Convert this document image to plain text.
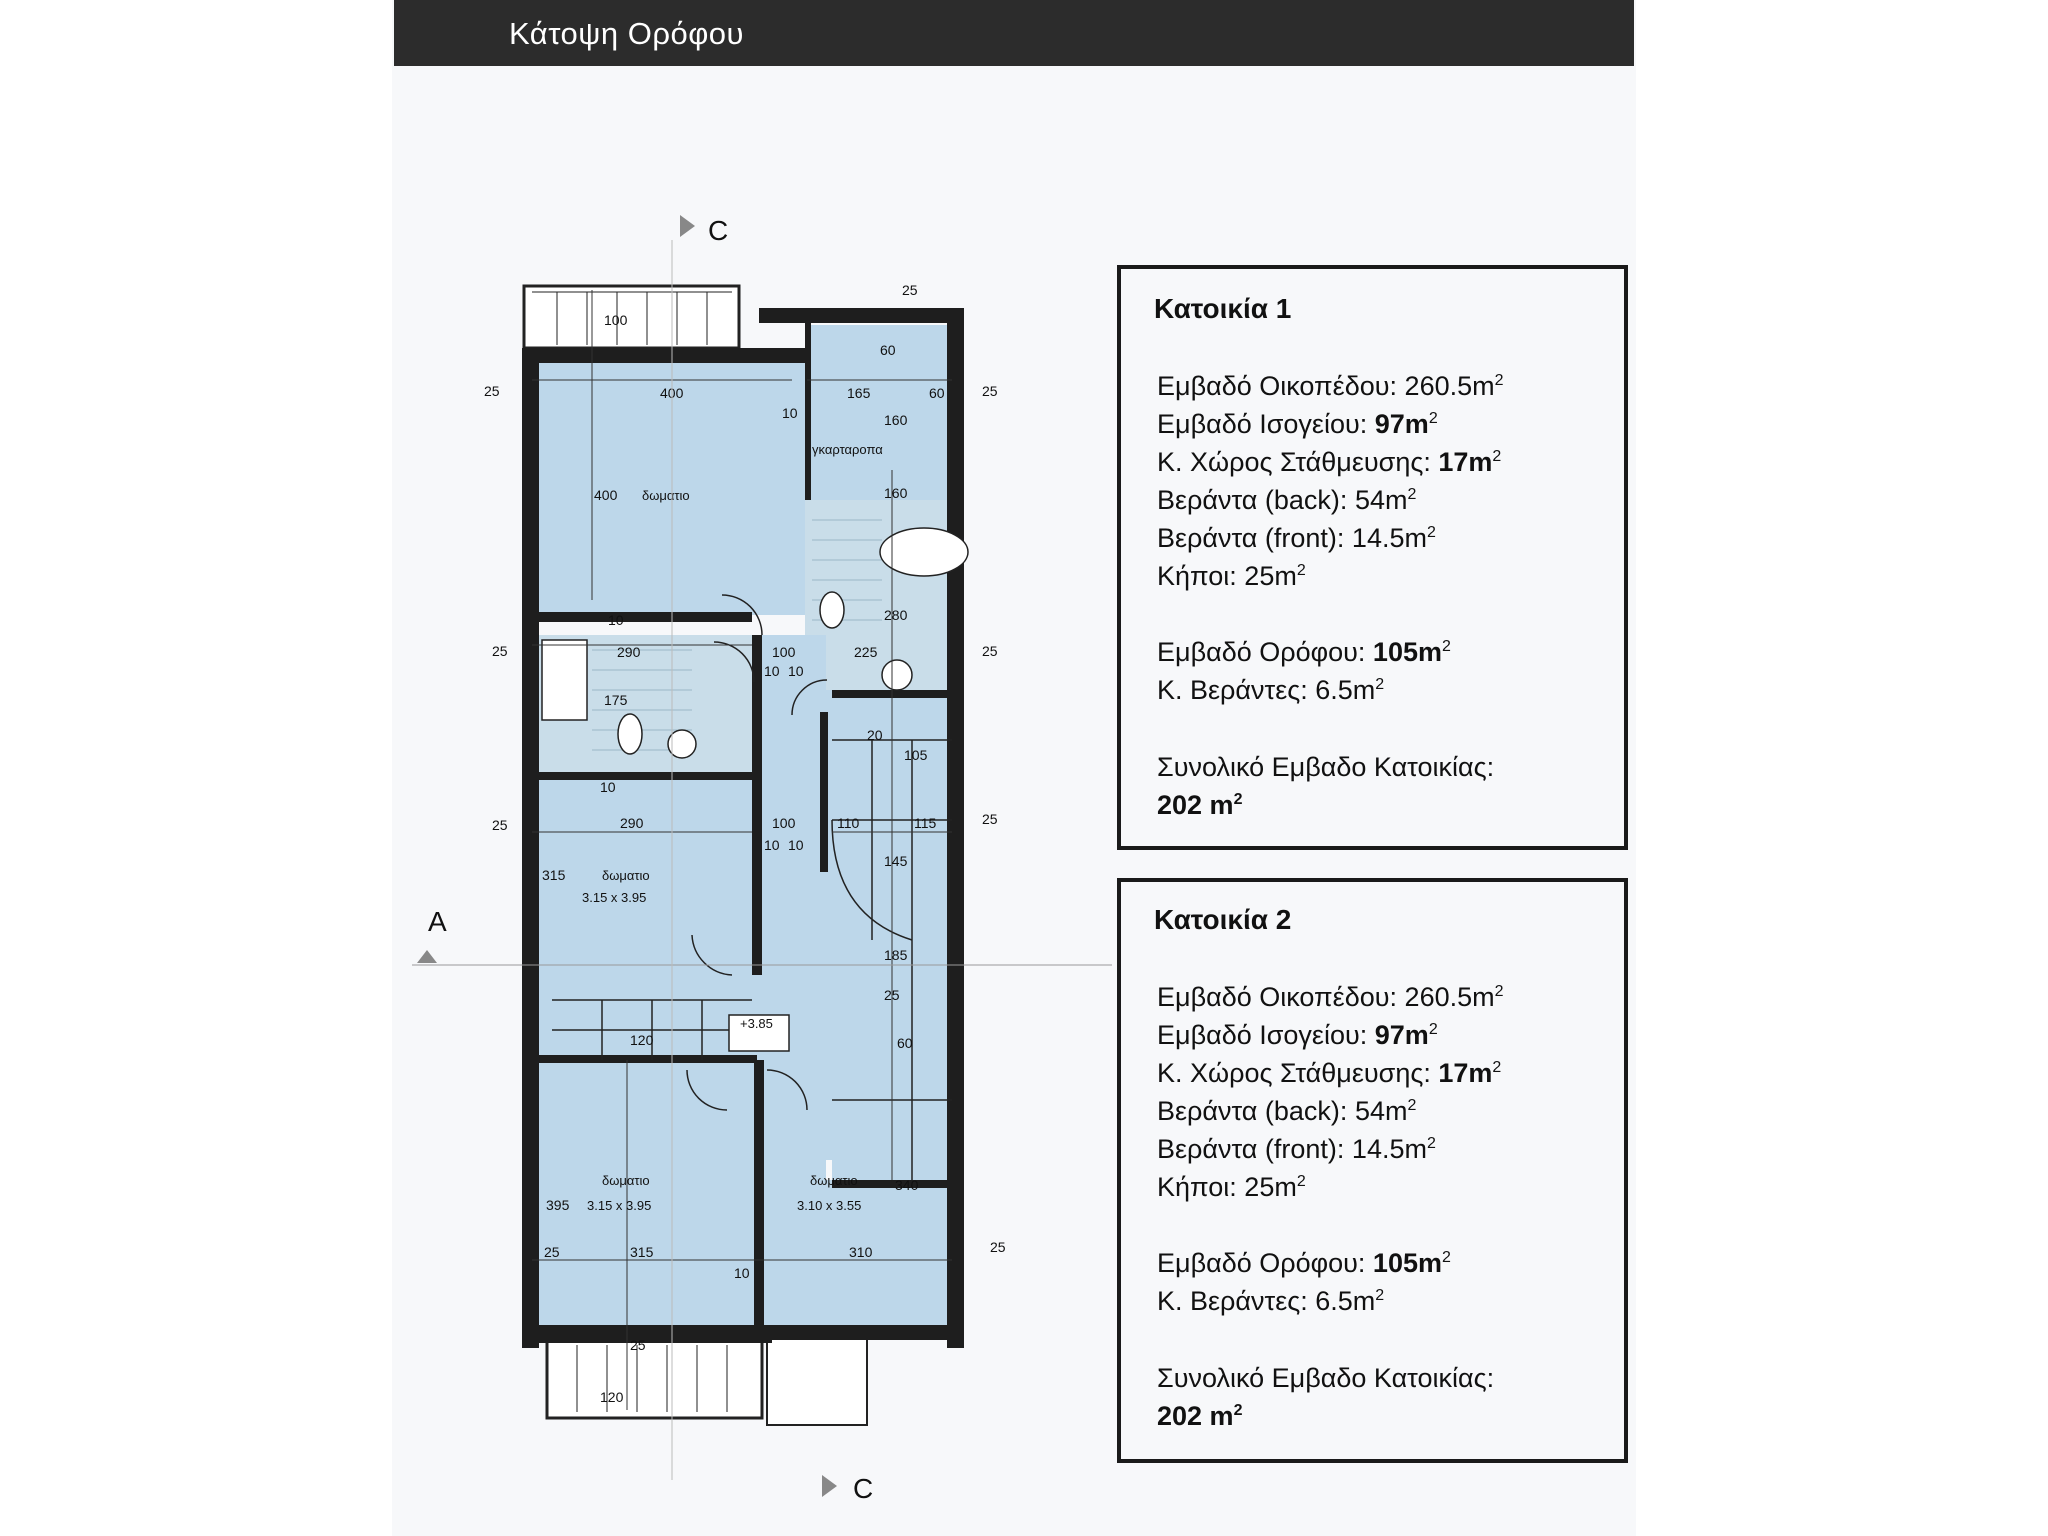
Κάτοψη Ορόφου
δωματιο
γκαρταροπα
δωματιο
3.15 x 3.95
δωματιο
3.15 x 3.95
δωματιο
3.10 x 3.55
+3.85
400	165	60
25
100
60
160
160
400
10
10
290	100	225
280
175
10 10
20
105
10
290	100	110	115
10 10
145
315
185
25
120	60
340
395
315	310
10
25
120
25	25
25	25
25	25
25	25
C
C
A
Κατοικία 1
Εμβαδό Οικοπέδου: $260.5m^2$
Εμβαδό Ισογείου: $97m^2$
Κ. Χώρος Στάθμευσης: $17m^2$
Βεράντα (back): $54m^2$
Βεράντα (front): $14.5m^2$
Κήποι: $25m^2$
Εμβαδό Ορόφου: $105m^2$
Κ. Βεράντες: $6.5m^2$
Συνολικό Εμβαδο Κατοικίας:
202 $m^2$
Κατοικία 2
Εμβαδό Οικοπέδου: $260.5m^2$
Εμβαδό Ισογείου: $97m^2$
Κ. Χώρος Στάθμευσης: $17m^2$
Βεράντα (back): $54m^2$
Βεράντα (front): $14.5m^2$
Κήποι: $25m^2$
Εμβαδό Ορόφου: $105m^2$
Κ. Βεράντες: $6.5m^2$
Συνολικό Εμβαδο Κατοικίας:
202 $m^2$
